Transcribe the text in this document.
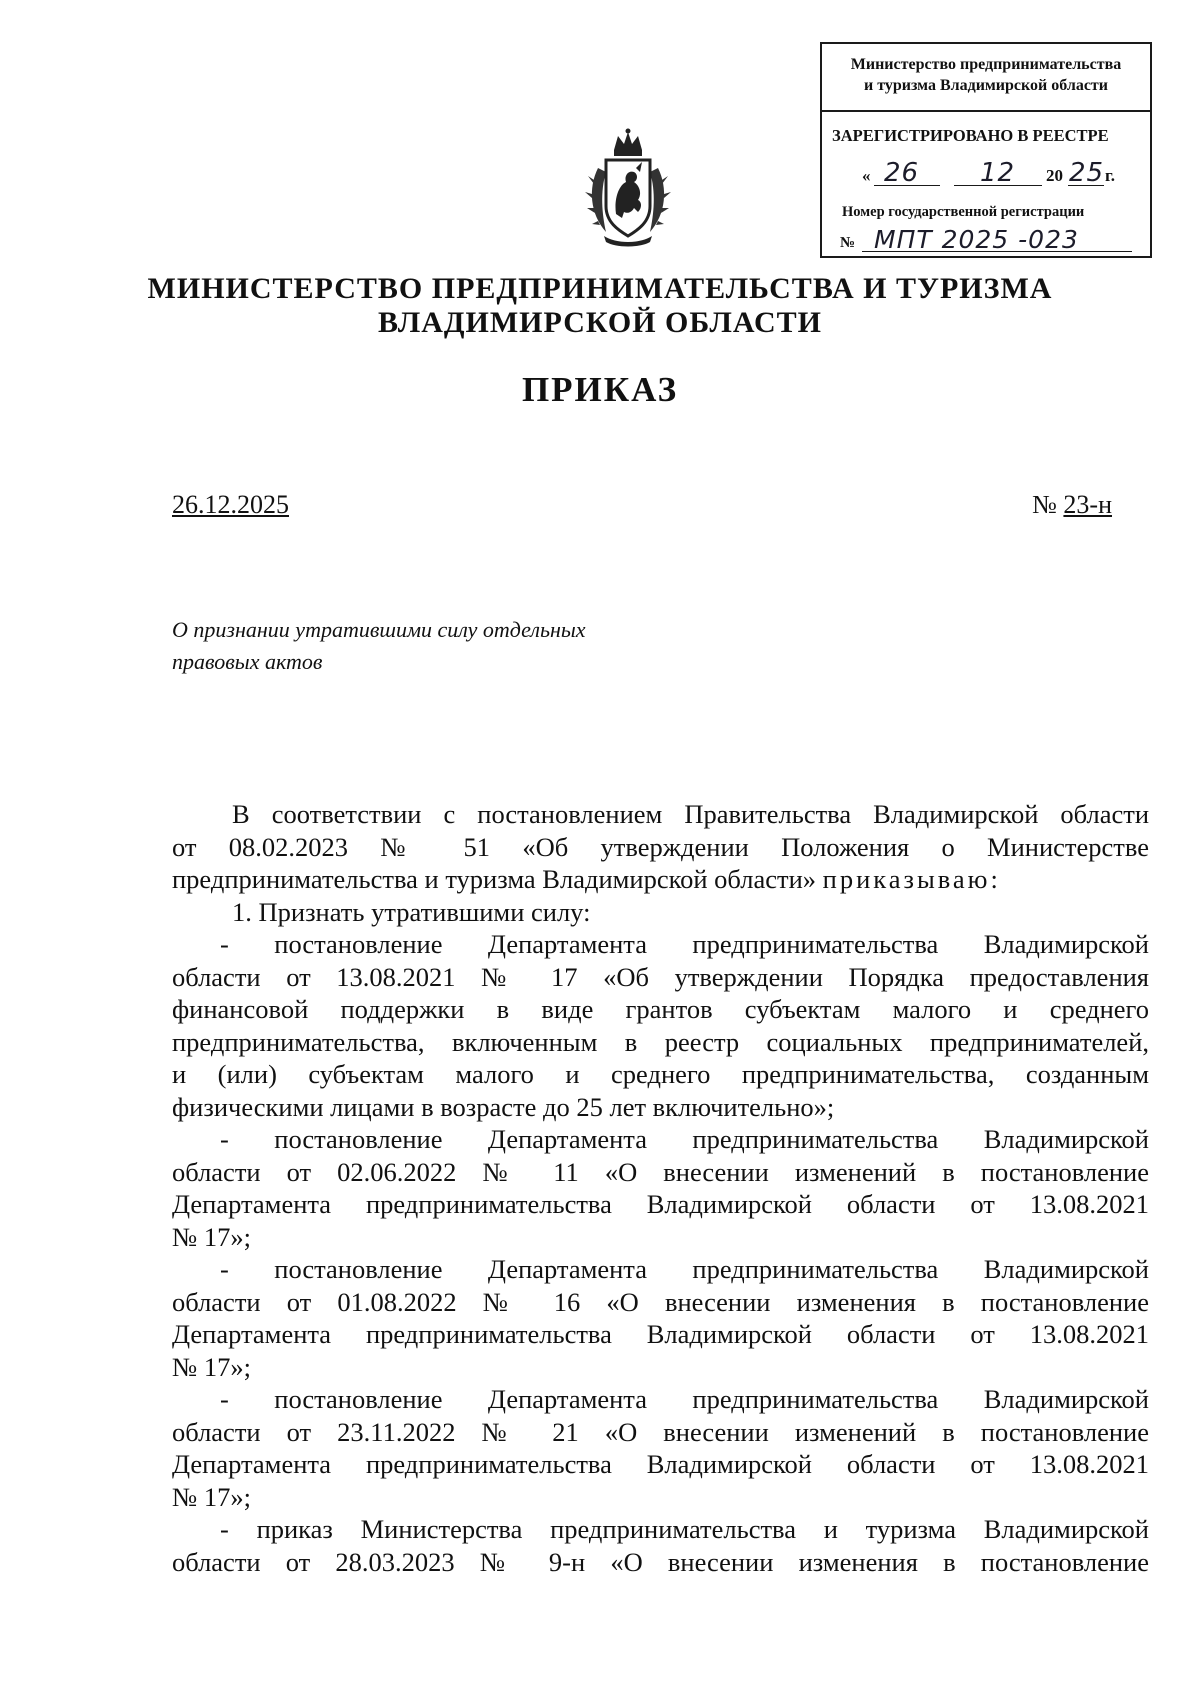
Министерство предпринимательства
и туризма Владимирской области
ЗАРЕГИСТРИРОВАНО В РЕЕСТРЕ
« 26 12 20 25 г.
Номер государственной регистрации
№ МПТ 2025 -023
МИНИСТЕРСТВО ПРЕДПРИНИМАТЕЛЬСТВА И ТУРИЗМА
ВЛАДИМИРСКОЙ ОБЛАСТИ
ПРИКАЗ
26.12.2025	№ 23-н
О признании утратившими силу отдельных
правовых актов

В соответствии с постановлением Правительства Владимирской области
от 08.02.2023 № 51 «Об утверждении Положения о Министерстве
предпринимательства и туризма Владимирской области» приказываю:

1. Признать утратившими силу:

- постановление Департамента предпринимательства Владимирской
области от 13.08.2021 № 17 «Об утверждении Порядка предоставления
финансовой поддержки в виде грантов субъектам малого и среднего
предпринимательства, включенным в реестр социальных предпринимателей,
и (или) субъектам малого и среднего предпринимательства, созданным
физическими лицами в возрасте до 25 лет включительно»;

- постановление Департамента предпринимательства Владимирской
области от 02.06.2022 № 11 «О внесении изменений в постановление
Департамента предпринимательства Владимирской области от 13.08.2021
№ 17»;

- постановление Департамента предпринимательства Владимирской
области от 01.08.2022 № 16 «О внесении изменения в постановление
Департамента предпринимательства Владимирской области от 13.08.2021
№ 17»;

- постановление Департамента предпринимательства Владимирской
области от 23.11.2022 № 21 «О внесении изменений в постановление
Департамента предпринимательства Владимирской области от 13.08.2021
№ 17»;

- приказ Министерства предпринимательства и туризма Владимирской
области от 28.03.2023 № 9-н «О внесении изменения в постановление
